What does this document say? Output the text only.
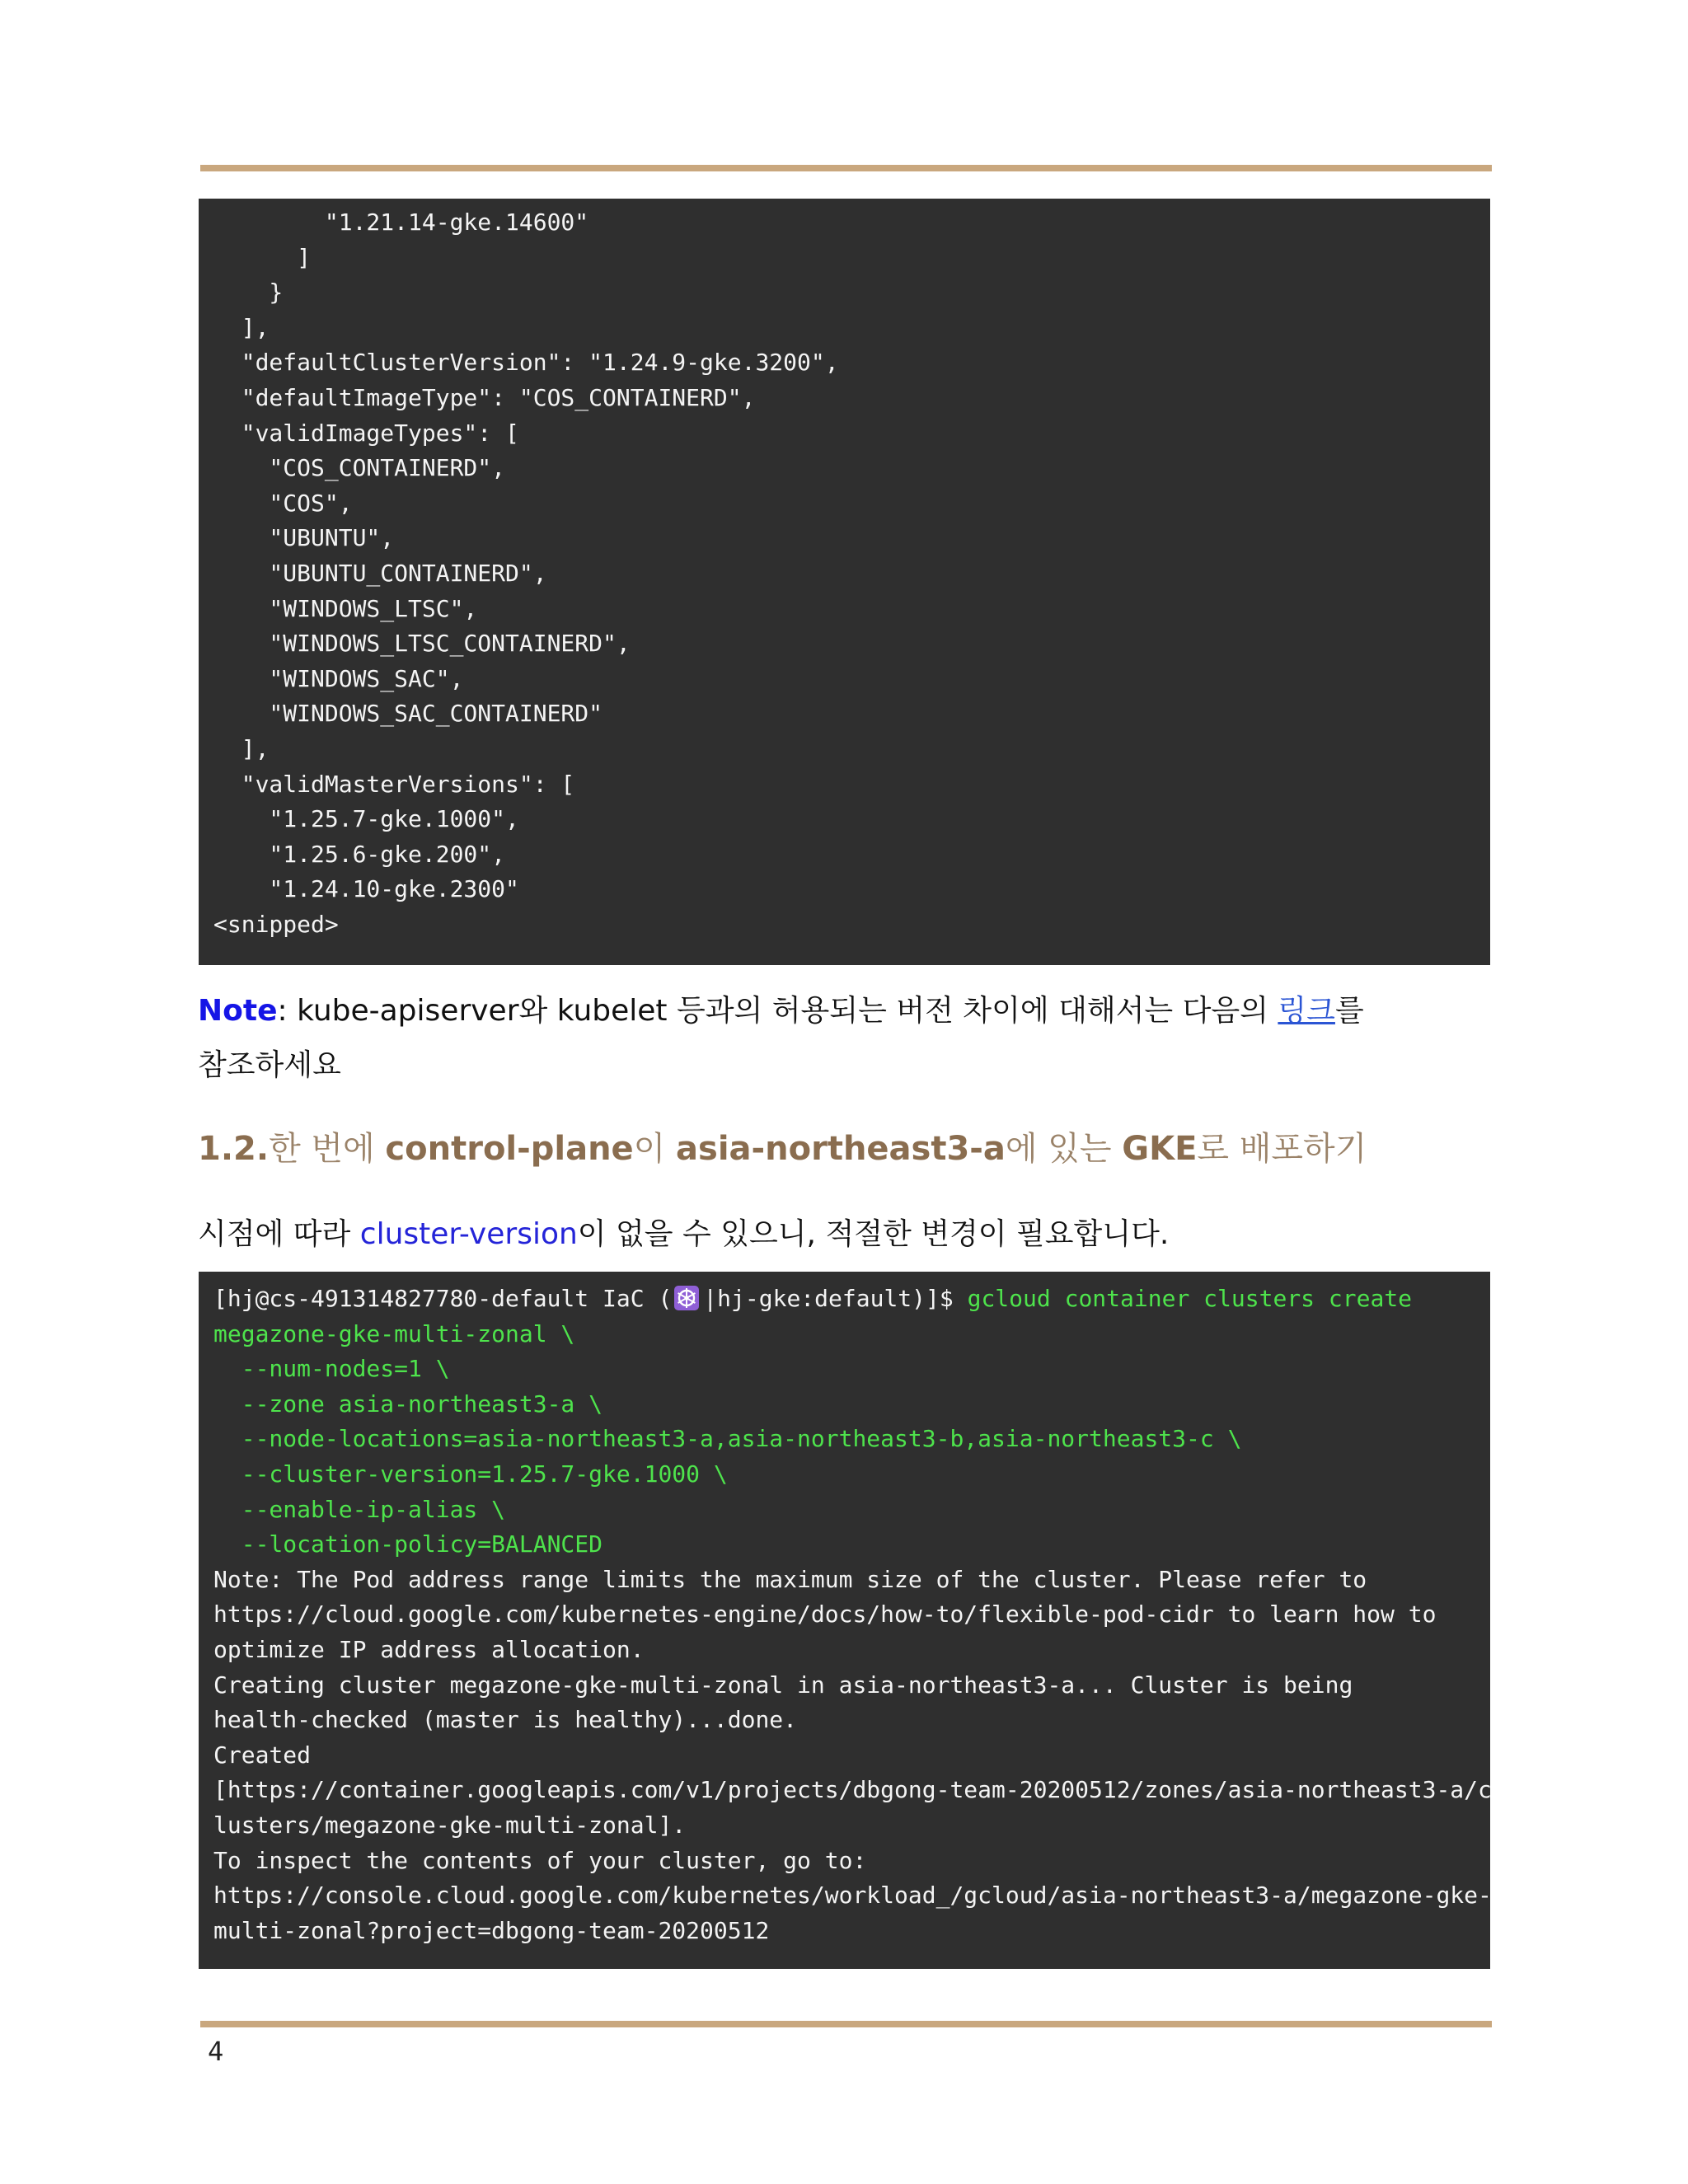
"1.21.14-gke.14600"
]
}
],
"defaultClusterVersion": "1.24.9-gke.3200",
"defaultImageType": "COS_CONTAINERD",
"validImageTypes": [
"COS_CONTAINERD",
"COS",
"UBUNTU",
"UBUNTU_CONTAINERD",
"WINDOWS_LTSC",
"WINDOWS_LTSC_CONTAINERD",
"WINDOWS_SAC",
"WINDOWS_SAC_CONTAINERD"
],
"validMasterVersions": [
"1.25.7-gke.1000",
"1.25.6-gke.200",
"1.24.10-gke.2300"
<snipped>
Note: kube-apiserver와 kubelet 등과의 허용되는 버전 차이에 대해서는 다음의 링크를
참조하세요
1.2.한 번에 control-plane이 asia-northeast3-a에 있는 GKE로 배포하기
시점에 따라 cluster-version이 없을 수 있으니, 적절한 변경이 필요합니다.
[hj@cs-491314827780-default IaC ( |hj-gke:default)]$ gcloud container clusters create
megazone-gke-multi-zonal \
--num-nodes=1 \
--zone asia-northeast3-a \
--node-locations=asia-northeast3-a,asia-northeast3-b,asia-northeast3-c \
--cluster-version=1.25.7-gke.1000 \
--enable-ip-alias \
--location-policy=BALANCED
Note: The Pod address range limits the maximum size of the cluster. Please refer to
https://cloud.google.com/kubernetes-engine/docs/how-to/flexible-pod-cidr to learn how to
optimize IP address allocation.
Creating cluster megazone-gke-multi-zonal in asia-northeast3-a... Cluster is being
health-checked (master is healthy)...done.
Created
[https://container.googleapis.com/v1/projects/dbgong-team-20200512/zones/asia-northeast3-a/c
lusters/megazone-gke-multi-zonal].
To inspect the contents of your cluster, go to:
https://console.cloud.google.com/kubernetes/workload_/gcloud/asia-northeast3-a/megazone-gke-
multi-zonal?project=dbgong-team-20200512
4
